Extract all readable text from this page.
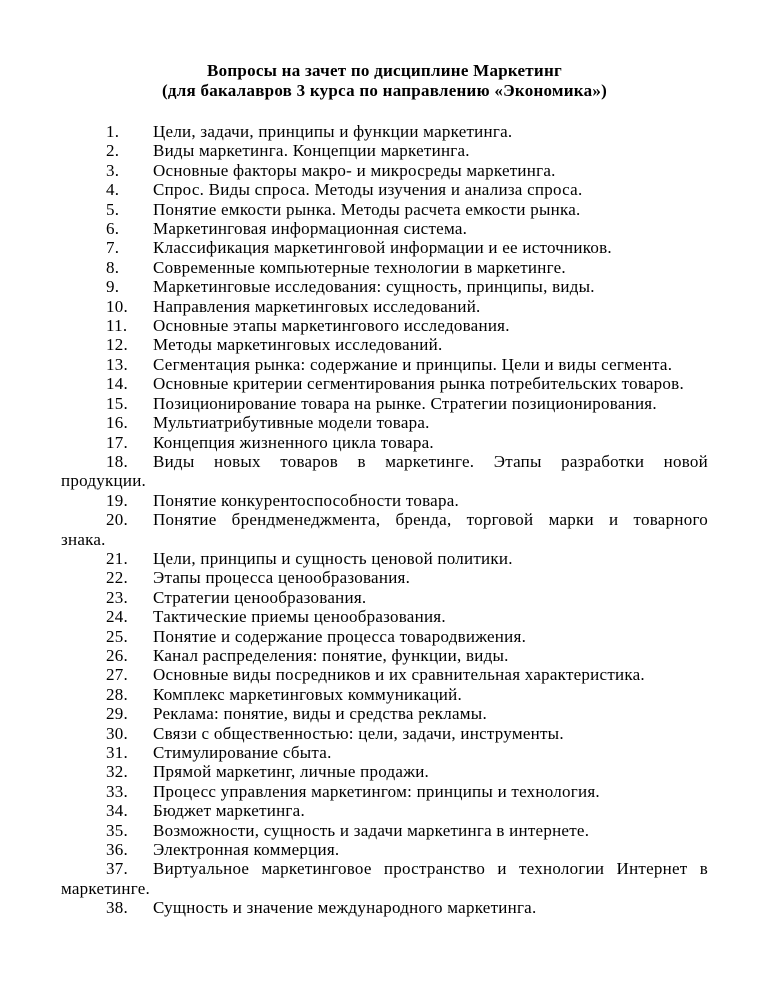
Вопросы на зачет по дисциплине Маркетинг
(для бакалавров 3 курса по направлению «Экономика»)
1. Цели, задачи, принципы и функции маркетинга.
2. Виды маркетинга. Концепции маркетинга.
3. Основные факторы макро- и микросреды маркетинга.
4. Спрос. Виды спроса. Методы изучения и анализа спроса.
5. Понятие емкости рынка. Методы расчета емкости рынка.
6. Маркетинговая информационная система.
7. Классификация маркетинговой информации и ее источников.
8. Современные компьютерные технологии в маркетинге.
9. Маркетинговые исследования: сущность, принципы, виды.
10. Направления маркетинговых исследований.
11. Основные этапы маркетингового исследования.
12. Методы маркетинговых исследований.
13. Сегментация рынка: содержание и принципы. Цели и виды сегмента.
14. Основные критерии сегментирования рынка потребительских товаров.
15. Позиционирование товара на рынке. Стратегии позиционирования.
16. Мультиатрибутивные модели товара.
17. Концепция жизненного цикла товара.
18.	Виды новых товаров в маркетинге. Этапы разработки новой
продукции.
19. Понятие конкурентоспособности товара.
20.	Понятие брендменеджмента, бренда, торговой марки и товарного
знака.
21. Цели, принципы и сущность ценовой политики.
22. Этапы процесса ценообразования.
23. Стратегии ценообразования.
24. Тактические приемы ценообразования.
25. Понятие и содержание процесса товародвижения.
26. Канал распределения: понятие, функции, виды.
27. Основные виды посредников и их сравнительная характеристика.
28. Комплекс маркетинговых коммуникаций.
29. Реклама: понятие, виды и средства рекламы.
30. Связи с общественностью: цели, задачи, инструменты.
31. Стимулирование сбыта.
32. Прямой маркетинг, личные продажи.
33. Процесс управления маркетингом: принципы и технология.
34. Бюджет маркетинга.
35. Возможности, сущность и задачи маркетинга в интернете.
36. Электронная коммерция.
37.	Виртуальное маркетинговое пространство и технологии Интернет в
маркетинге.
38. Сущность и значение международного маркетинга.
